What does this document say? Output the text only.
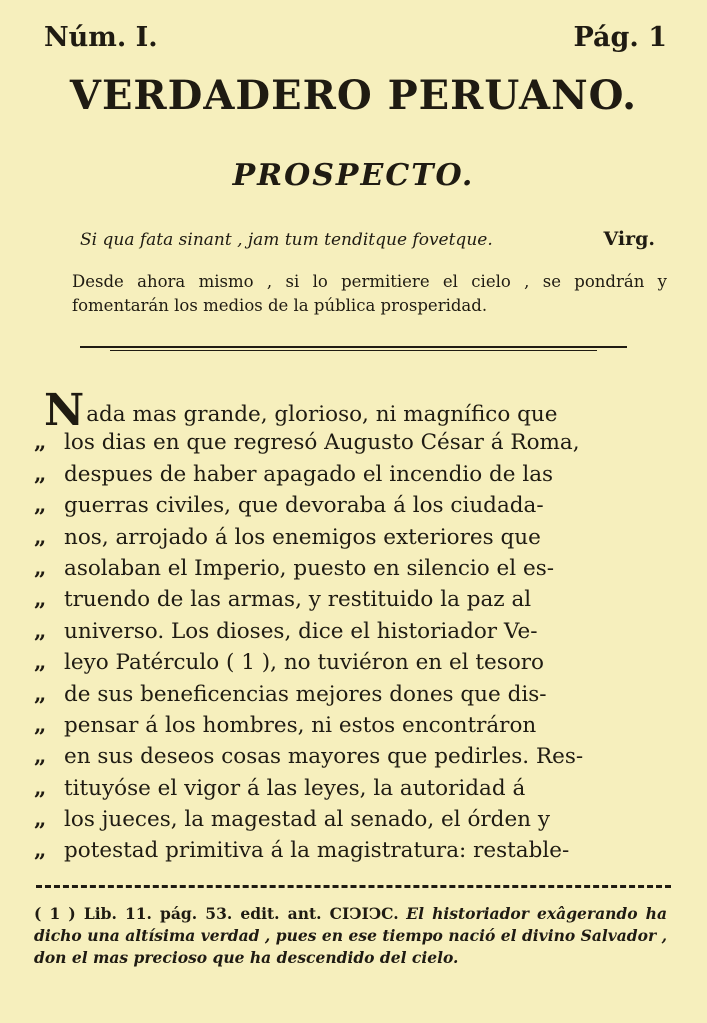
Núm. I.	Pág. 1
VERDADERO PERUANO.
PROSPECTO.
Si qua fata sinant , jam tum tenditque fovetque.	Virg.
Desde ahora mismo , si lo permitiere el cielo , se pondrán y fomentarán los medios de la pública prosperidad.
Nada mas grande, glorioso, ni magnífico que
„ los dias en que regresó Augusto César á Roma,
„ despues de haber apagado el incendio de las
„ guerras civiles, que devoraba á los ciudada-
„ nos, arrojado á los enemigos exteriores que
„ asolaban el Imperio, puesto en silencio el es-
„ truendo de las armas, y restituido la paz al
„ universo. Los dioses, dice el historiador Ve-
„ leyo Patérculo ( 1 ), no tuviéron en el tesoro
„ de sus beneficencias mejores dones que dis-
„ pensar á los hombres, ni estos encontráron
„ en sus deseos cosas mayores que pedirles. Res-
„ tituyóse el vigor á las leyes, la autoridad á
„ los jueces, la magestad al senado, el órden y
„ potestad primitiva á la magistratura: restable-
( 1 ) Lib. 11. pág. 53. edit. ant. CIↃIↃC. El historiador exâgerando ha dicho una altísima verdad , pues en ese tiempo nació el divino Salvador , don el mas precioso que ha descendido del cielo.
